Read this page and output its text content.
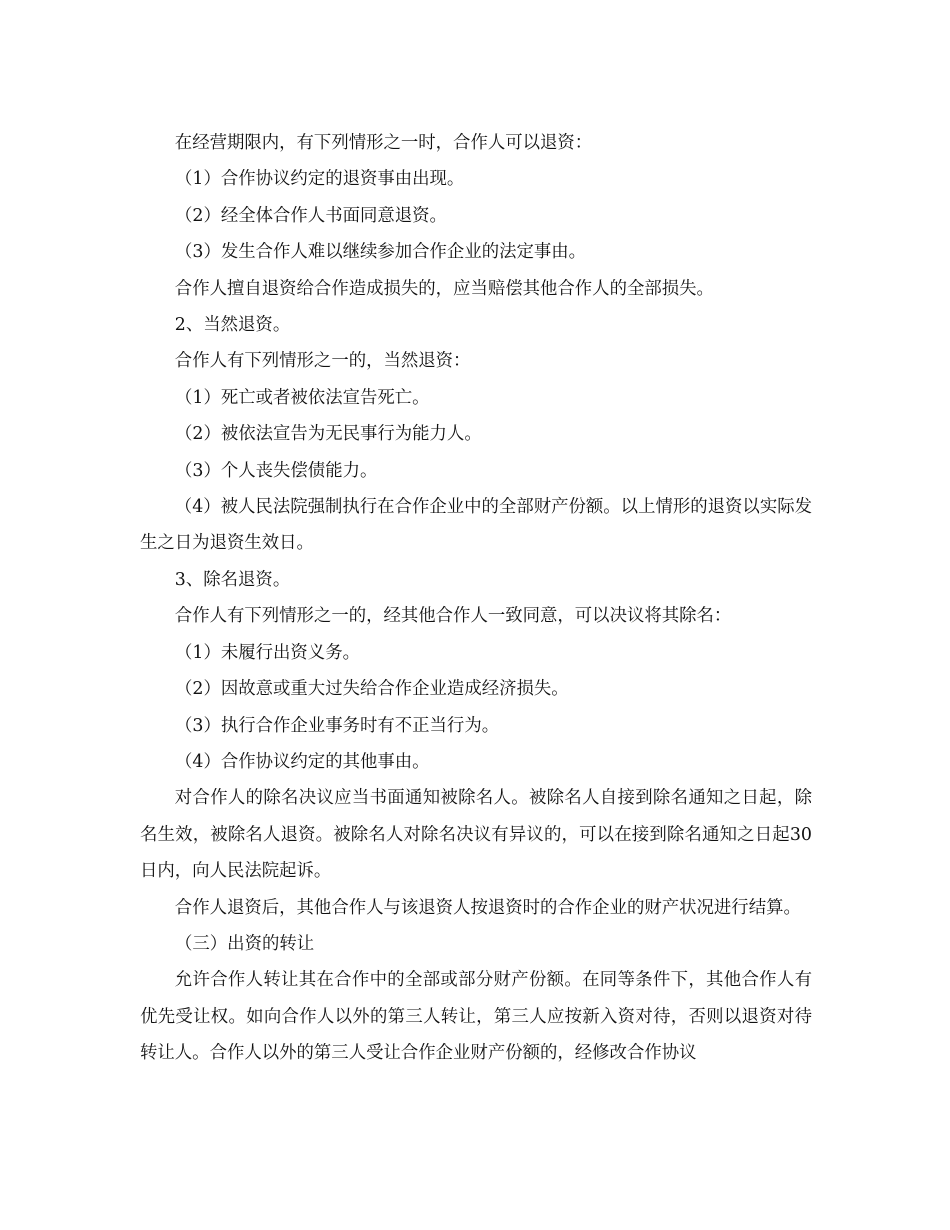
在经营期限内，有下列情形之一时，合作人可以退资：

（1）合作协议约定的退资事由出现。

（2）经全体合作人书面同意退资。

（3）发生合作人难以继续参加合作企业的法定事由。

合作人擅自退资给合作造成损失的，应当赔偿其他合作人的全部损失。

2、当然退资。

合作人有下列情形之一的，当然退资：

（1）死亡或者被依法宣告死亡。

（2）被依法宣告为无民事行为能力人。

（3）个人丧失偿债能力。

（4）被人民法院强制执行在合作企业中的全部财产份额。以上情形的退资以实际发生之日为退资生效日。

3、除名退资。

合作人有下列情形之一的，经其他合作人一致同意，可以决议将其除名：

（1）未履行出资义务。

（2）因故意或重大过失给合作企业造成经济损失。

（3）执行合作企业事务时有不正当行为。

（4）合作协议约定的其他事由。

对合作人的除名决议应当书面通知被除名人。被除名人自接到除名通知之日起，除名生效，被除名人退资。被除名人对除名决议有异议的，可以在接到除名通知之日起30日内，向人民法院起诉。

合作人退资后，其他合作人与该退资人按退资时的合作企业的财产状况进行结算。

（三）出资的转让

允许合作人转让其在合作中的全部或部分财产份额。在同等条件下，其他合作人有优先受让权。如向合作人以外的第三人转让，第三人应按新入资对待，否则以退资对待转让人。合作人以外的第三人受让合作企业财产份额的，经修改合作协议
